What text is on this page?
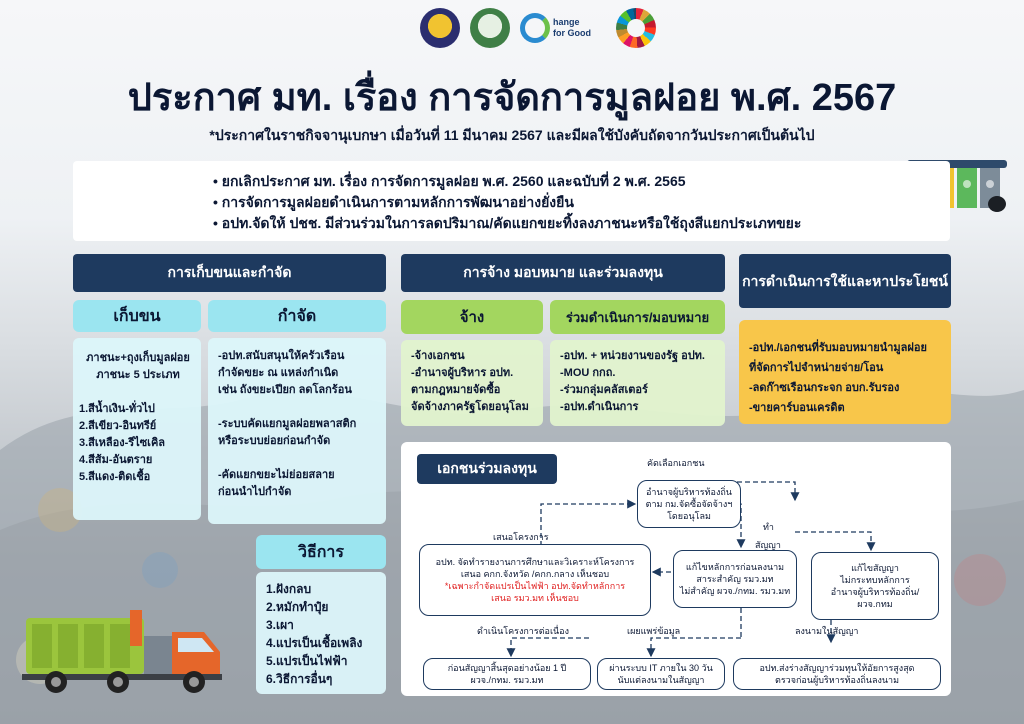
hange
for Good
ประกาศ มท. เรื่อง การจัดการมูลฝอย พ.ศ. 2567
*ประกาศในราชกิจจานุเบกษา เมื่อวันที่ 11 มีนาคม 2567 และมีผลใช้บังคับถัดจากวันประกาศเป็นต้นไป
• ยกเลิกประกาศ มท. เรื่อง การจัดการมูลฝอย พ.ศ. 2560 และฉบับที่ 2 พ.ศ. 2565
• การจัดการมูลฝอยดำเนินการตามหลักการพัฒนาอย่างยั่งยืน
• อปท.จัดให้ ปชช. มีส่วนร่วมในการลดปริมาณ/คัดแยกขยะทิ้งลงภาชนะหรือใช้ถุงสีแยกประเภทขยะ
การเก็บขนและกำจัด	การจ้าง มอบหมาย และร่วมลงทุน
การดำเนินการใช้ และหาประโยชน์
เก็บขน	กำจัด	จ้าง	ร่วมดำเนินการ/มอบหมาย
วิธีการ
ภาชนะ+ถุงเก็บมูลฝอย
ภาชนะ 5 ประเภท
1.สีน้ำเงิน-ทั่วไป
2.สีเขียว-อินทรีย์
3.สีเหลือง-รีไซเคิล
4.สีส้ม-อันตราย
5.สีแดง-ติดเชื้อ
-อปท.สนับสนุนให้ครัวเรือน
กำจัดขยะ ณ แหล่งกำเนิด
เช่น ถังขยะเปียก ลดโลกร้อน
-ระบบคัดแยกมูลฝอยพลาสติก
หรือระบบย่อยก่อนกำจัด
-คัดแยกขยะไม่ย่อยสลาย
ก่อนนำไปกำจัด
-จ้างเอกชน
-อำนาจผู้บริหาร อปท.
ตามกฎหมายจัดซื้อ
จัดจ้างภาครัฐโดยอนุโลม
-อปท. + หน่วยงานของรัฐ อปท.
-MOU กกถ.
-ร่วมกลุ่มคลัสเตอร์
-อปท.ดำเนินการ
-อปท./เอกชนที่รับมอบหมายนำมูลฝอย
ที่จัดการไปจำหน่ายจ่าย/โอน
-ลดก๊าซเรือนกระจก อบก.รับรอง
-ขายคาร์บอนเครดิต
1.ฝังกลบ
2.หมักทำปุ๋ย
3.เผา
4.แปรเป็นเชื้อเพลิง
5.แปรเป็นไฟฟ้า
6.วิธีการอื่นๆ
เอกชนร่วมลงทุน	คัดเลือกเอกชน
เสนอโครงการ
ทำ
สัญญา
ดำเนินโครงการต่อเนื่อง	เผยแพร่ข้อมูล	ลงนามในสัญญา
อำนาจผู้บริหารท้องถิ่น
ตาม กม.จัดซื้อจัดจ้างฯ
โดยอนุโลม
อปท. จัดทำรายงานการศึกษาและวิเคราะห์โครงการ
เสนอ คกก.จังหวัด /คกก.กลาง เห็นชอบ
*เฉพาะกำจัดแปรเป็นไฟฟ้า อปท.จัดทำหลักการ
เสนอ รมว.มท เห็นชอบ
แก้ไขหลักการก่อนลงนาม
สาระสำคัญ รมว.มท
ไม่สำคัญ ผวจ./กทม. รมว.มท
แก้ไขสัญญา
ไม่กระทบหลักการ
อำนาจผู้บริหารท้องถิ่น/
ผวจ.กทม
ก่อนสัญญาสิ้นสุดอย่างน้อย 1 ปี
ผวจ./กทม. รมว.มท
ผ่านระบบ IT ภายใน 30 วัน
นับแต่ลงนามในสัญญา
อปท.ส่งร่างสัญญาร่วมทุนให้อัยการสูงสุด
ตรวจก่อนผู้บริหารท้องถิ่นลงนาม
